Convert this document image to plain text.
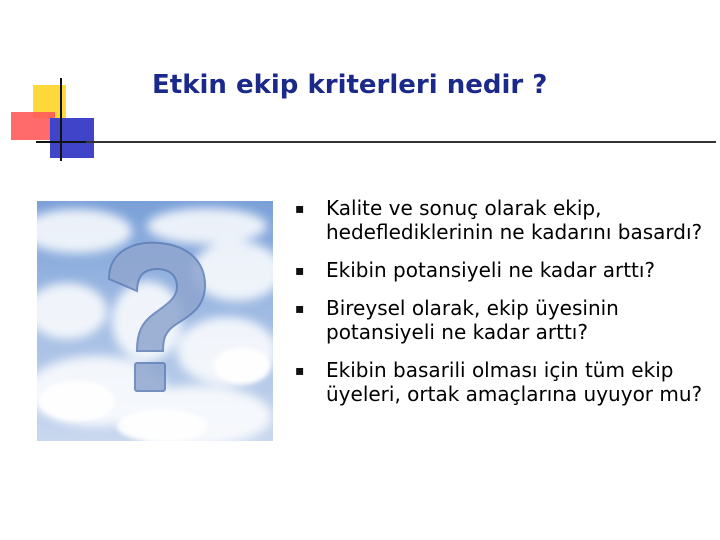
Etkin ekip kriterleri nedir ?
▪ Kalite ve sonuç olarak ekip, hedeflediklerinin ne kadarını basardı?
▪ Ekibin potansiyeli ne kadar arttı?
▪ Bireysel olarak, ekip üyesinin potansiyeli ne kadar arttı?
▪ Ekibin basarili olması için tüm ekip üyeleri, ortak amaçlarına uyuyor mu?
